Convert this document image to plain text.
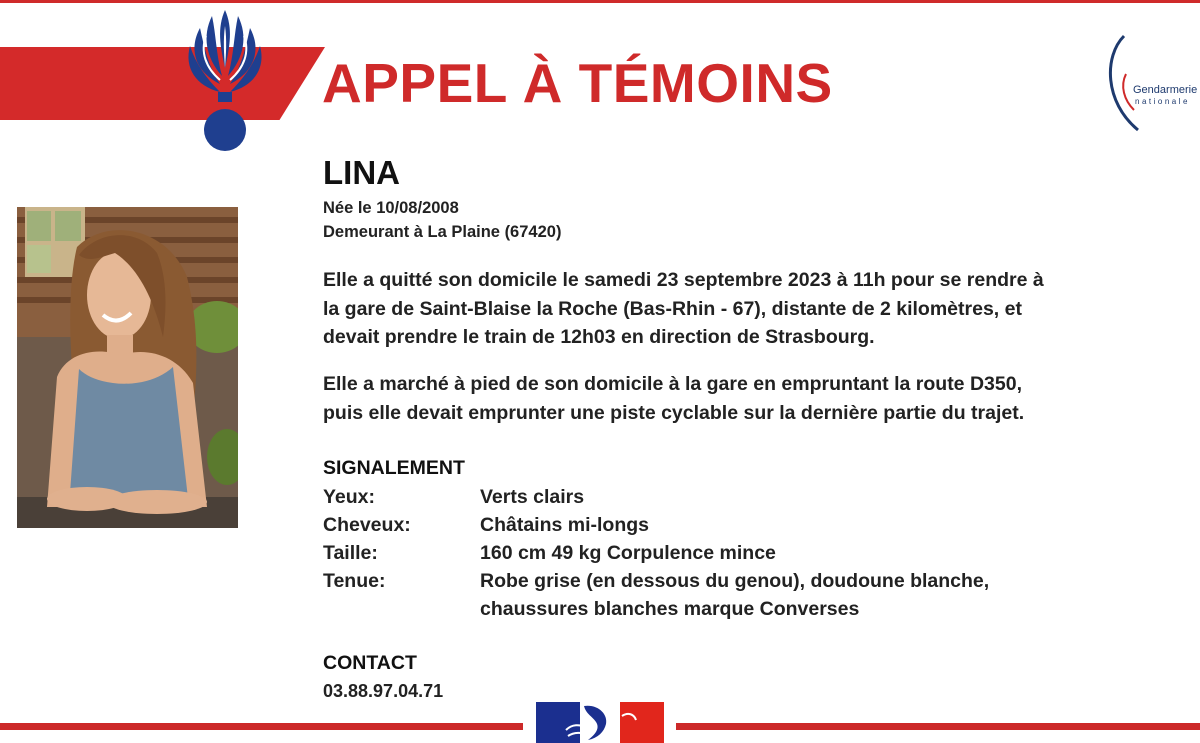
APPEL À TÉMOINS	Gendarmerie
nationale
LINA
Née le 10/08/2008
Demeurant à La Plaine (67420)

Elle a quitté son domicile le samedi 23 septembre 2023 à 11h pour se rendre à

la gare de Saint-Blaise la Roche (Bas-Rhin - 67), distante de 2 kilomètres, et

devait prendre le train de 12h03 en direction de Strasbourg.

Elle a marché à pied de son domicile à la gare en empruntant la route D350,

puis elle devait emprunter une piste cyclable sur la dernière partie du trajet.

SIGNALEMENT
Yeux:	Verts clairs
Cheveux:	Châtains mi-longs
Taille:	160 cm 49 kg Corpulence mince
Tenue:	Robe grise (en dessous du genou), doudoune blanche,
chaussures blanches marque Converses
CONTACT
03.88.97.04.71
